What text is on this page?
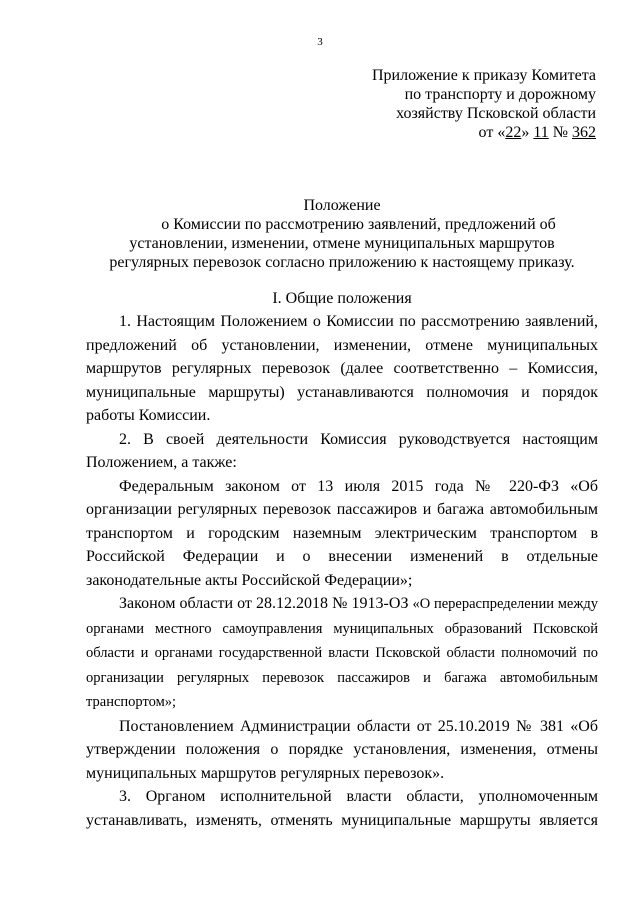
3
Приложение к приказу Комитета
по транспорту и дорожному
хозяйству Псковской области
от «22» 11 № 362
Положение
о Комиссии по рассмотрению заявлений, предложений об
установлении, изменении, отмене муниципальных маршрутов
регулярных перевозок согласно приложению к настоящему приказу.
I. Общие положения

1. Настоящим Положением о Комиссии по рассмотрению заявлений, предложений об установлении, изменении, отмене муниципальных маршрутов регулярных перевозок (далее соответственно – Комиссия, муниципальные маршруты) устанавливаются полномочия и порядок работы Комиссии.

2. В своей деятельности Комиссия руководствуется настоящим Положением, а также:

Федеральным законом от 13 июля 2015 года № 220-ФЗ «Об организации регулярных перевозок пассажиров и багажа автомобильным транспортом и городским наземным электрическим транспортом в Российской Федерации и о внесении изменений в отдельные законодательные акты Российской Федерации»;

Законом области от 28.12.2018 № 1913-ОЗ «О перераспределении между органами местного самоуправления муниципальных образований Псковской области и органами государственной власти Псковской области полномочий по организации регулярных перевозок пассажиров и багажа автомобильным транспортом»;

Постановлением Администрации области от 25.10.2019 № 381 «Об утверждении положения о порядке установления, изменения, отмены муниципальных маршрутов регулярных перевозок».

3. Органом исполнительной власти области, уполномоченным устанавливать, изменять, отменять муниципальные маршруты является
